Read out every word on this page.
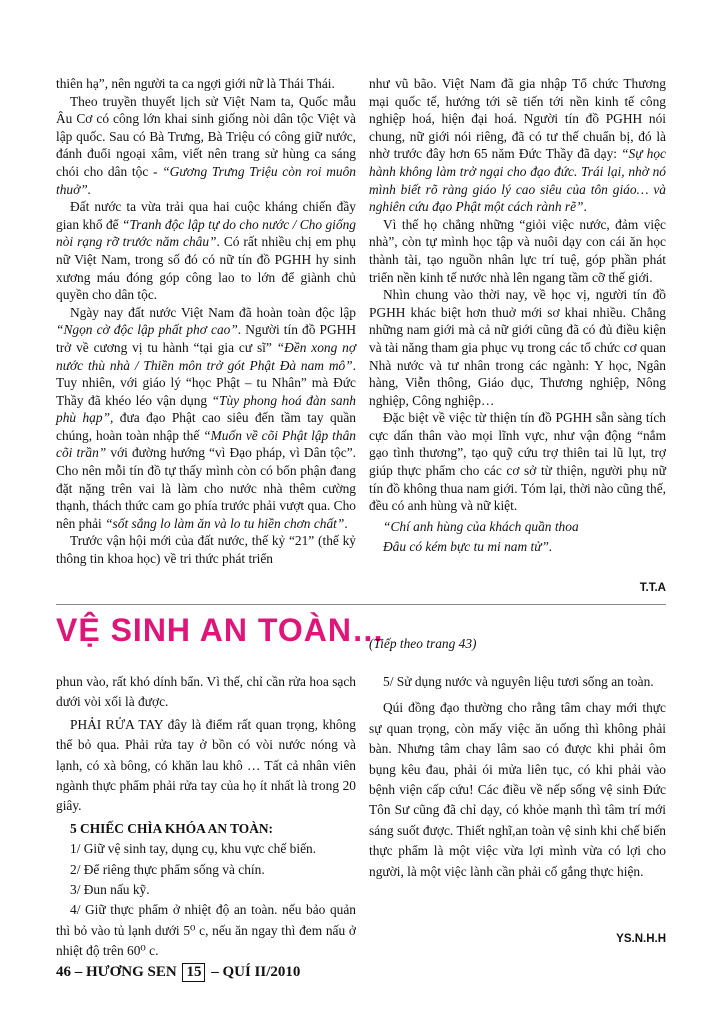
thiên hạ”, nên người ta ca ngợi giới nữ là Thái Thái.

Theo truyền thuyết lịch sử Việt Nam ta, Quốc mẫu Âu Cơ có công lớn khai sinh giống nòi dân tộc Việt và lập quốc. Sau có Bà Trưng, Bà Triệu có công giữ nước, đánh đuổi ngoại xâm, viết nên trang sử hùng ca sáng chói cho dân tộc - “Gương Trưng Triệu còn roi muôn thuở”.

Đất nước ta vừa trải qua hai cuộc kháng chiến đầy gian khổ để “Tranh độc lập tự do cho nước / Cho giống nòi rạng rỡ trước năm châu”. Có rất nhiều chị em phụ nữ Việt Nam, trong số đó có nữ tín đồ PGHH hy sinh xương máu đóng góp công lao to lớn để giành chủ quyền cho dân tộc.

Ngày nay đất nước Việt Nam đã hoàn toàn độc lập “Ngọn cờ độc lập phất phơ cao”. Người tín đồ PGHH trở về cương vị tu hành “tại gia cư sĩ” “Đền xong nợ nước thù nhà / Thiền môn trở gót Phật Đà nam mô”. Tuy nhiên, với giáo lý “học Phật – tu Nhân” mà Đức Thầy đã khéo léo vận dụng “Tùy phong hoá đàn sanh phù hạp”, đưa đạo Phật cao siêu đến tầm tay quần chúng, hoàn toàn nhập thế “Muốn về cõi Phật lập thân cõi trần” với đường hướng “vì Đạo pháp, vì Dân tộc”. Cho nên mỗi tín đồ tự thấy mình còn có bổn phận đang đặt nặng trên vai là làm cho nước nhà thêm cường thạnh, thách thức cam go phía trước phải vượt qua. Cho nên phải “sốt sắng lo làm ăn và lo tu hiền chơn chất”.

Trước vận hội mới của đất nước, thế kỷ “21” (thế kỷ thông tin khoa học) về tri thức phát triển

như vũ bão. Việt Nam đã gia nhập Tổ chức Thương mại quốc tế, hướng tới sẽ tiến tới nền kinh tế công nghiệp hoá, hiện đại hoá. Người tín đồ PGHH nói chung, nữ giới nói riêng, đã có tư thế chuẩn bị, đó là nhờ trước đây hơn 65 năm Đức Thầy đã dạy: “Sự học hành không làm trở ngại cho đạo đức. Trái lại, nhờ nó mình biết rõ ràng giáo lý cao siêu của tôn giáo… và nghiên cứu đạo Phật một cách rành rẽ”.

Vì thế họ chẳng những “giỏi việc nước, đảm việc nhà”, còn tự mình học tập và nuôi dạy con cái ăn học thành tài, tạo nguồn nhân lực trí tuệ, góp phần phát triển nền kinh tế nước nhà lên ngang tầm cỡ thế giới.

Nhìn chung vào thời nay, về học vị, người tín đồ PGHH khác biệt hơn thuở mới sơ khai nhiều. Chẳng những nam giới mà cả nữ giới cũng đã có đủ điều kiện và tài năng tham gia phục vụ trong các tổ chức cơ quan Nhà nước và tư nhân trong các ngành: Y học, Ngân hàng, Viễn thông, Giáo dục, Thương nghiệp, Nông nghiệp, Công nghiệp…

Đặc biệt về việc từ thiện tín đồ PGHH sẵn sàng tích cực dấn thân vào mọi lĩnh vực, như vận động “nắm gạo tình thương”, tạo quỹ cứu trợ thiên tai lũ lụt, trợ giúp thực phẩm cho các cơ sở từ thiện, người phụ nữ tín đồ không thua nam giới. Tóm lại, thời nào cũng thế, đều có anh hùng và nữ kiệt.

“Chí anh hùng của khách quần thoa

Đâu có kém bực tu mi nam tử”.

T.T.A
VỆ SINH AN TOÀN…
(Tiếp theo trang 43)

phun vào, rất khó dính bẩn. Vì thế, chỉ cần rửa hoa sạch dưới vòi xối là được.

PHẢI RỬA TAY đây là điểm rất quan trọng, không thể bỏ qua. Phải rửa tay ở bồn có vòi nước nóng và lạnh, có xà bông, có khăn lau khô … Tất cả nhân viên ngành thực phẩm phải rửa tay của họ ít nhất là trong 20 giây.

5 CHIẾC CHÌA KHÓA AN TOÀN:

1/ Giữ vệ sinh tay, dụng cụ, khu vực chế biến.

2/ Để riêng thực phẩm sống và chín.

3/ Đun nấu kỹ.

4/ Giữ thực phẩm ở nhiệt độ an toàn. nếu bảo quản thì bỏ vào tủ lạnh dưới 5⁰ c, nếu ăn ngay thì đem nấu ở nhiệt độ trên 60⁰ c.

5/ Sử dụng nước và nguyên liệu tươi sống an toàn.

Qúi đồng đạo thường cho rằng tâm chay mới thực sự quan trọng, còn mấy việc ăn uống thì không phải bàn. Nhưng tâm chay lâm sao có được khi phải ôm bụng kêu đau, phải ói mửa liên tục, có khi phải vào bệnh viện cấp cứu! Các điều về nếp sống vệ sinh Đức Tôn Sư cũng đã chỉ dạy, có khỏe mạnh thì tâm trí mới sáng suốt được. Thiết nghĩ,an toàn vệ sinh khi chế biến thực phẩm là một việc vừa lợi mình vừa có lợi cho người, là một việc lành cần phải cố gắng thực hiện.

YS.N.H.H
46 – HƯƠNG SEN 15 – QUÍ II/2010
